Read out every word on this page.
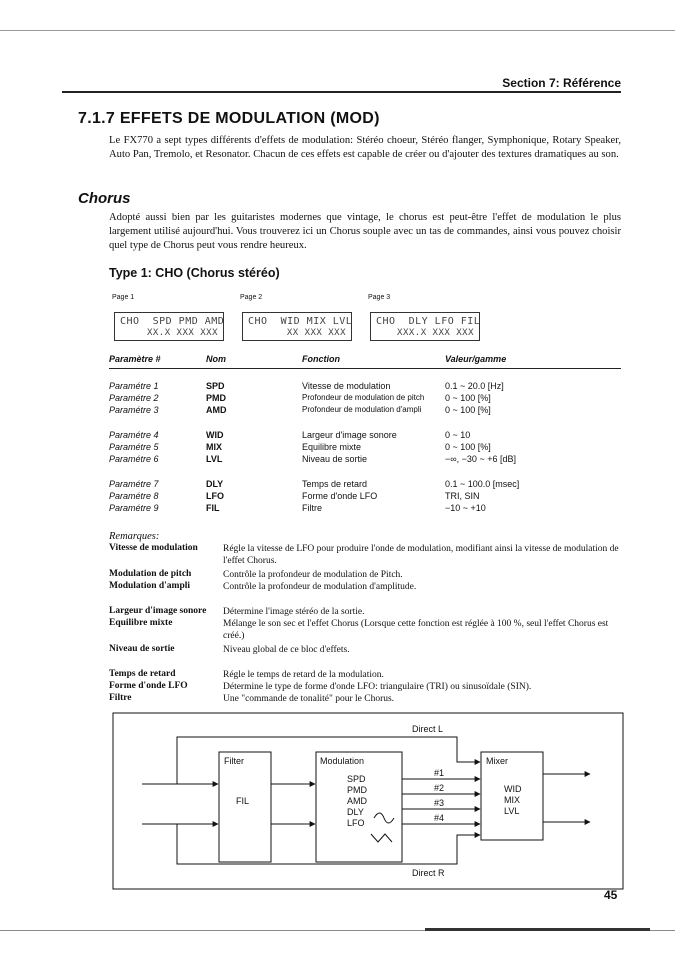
Section 7: Référence
7.1.7 EFFETS DE MODULATION (MOD)
Le FX770 a sept types différents d'effets de modulation: Stéréo choeur, Stéréo flanger, Symphonique, Rotary Speaker, Auto Pan, Tremolo, et Resonator. Chacun de ces effets est capable de créer ou d'ajouter des textures dramatiques au son.
Chorus
Adopté aussi bien par les guitaristes modernes que vintage, le chorus est peut-être l'effet de modulation le plus largement utilisé aujourd'hui. Vous trouverez ici un Chorus souple avec un tas de commandes, ainsi vous pouvez choisir quel type de Chorus peut vous rendre heureux.
Type 1: CHO (Chorus stéréo)
Page 1	Page 2	Page 3
CHO  SPD PMD AMD
XX.X XXX XXX
CHO  WID MIX LVL
XX XXX XXX
CHO  DLY LFO FIL
XXX.X XXX XXX
Paramètre #	Nom	Fonction	Valeur/gamme
Paramétre 1	SPD	Vitesse de modulation	0.1 ~ 20.0 [Hz]
Paramétre 2	PMD	Profondeur de modulation de pitch 0 ~ 100 [%]
Paramétre 3	AMD	Profondeur de modulation d'ampli	0 ~ 100 [%]
Paramétre 4	WID	Largeur d'image sonore	0 ~ 10
Paramétre 5	MIX	Equilibre mixte	0 ~ 100 [%]
Paramétre 6	LVL	Niveau de sortie	−∞, −30 ~ +6 [dB]
Paramétre 7	DLY	Temps de retard	0.1 ~ 100.0 [msec]
Paramétre 8	LFO	Forme d'onde LFO	TRI, SIN
Paramétre 9	FIL	Filtre	−10 ~ +10
Remarques:
Vitesse de modulation	Régle la vitesse de LFO pour produire l'onde de modulation, modifiant ainsi la vitesse de modulation de l'effet Chorus.
Modulation de pitch	Contrôle la profondeur de modulation de Pitch.
Modulation d'ampli	Contrôle la profondeur de modulation d'amplitude.
Largeur d'image sonore Détermine l'image stéréo de la sortie.
Equilibre mixte	Mélange le son sec et l'effet Chorus (Lorsque cette fonction est réglée à 100 %, seul l'effet Chorus est créé.)
Niveau de sortie	Niveau global de ce bloc d'effets.
Temps de retard	Régle le temps de retard de la modulation.
Forme d'onde LFO	Détermine le type de forme d'onde LFO: triangulaire (TRI) ou sinusoïdale (SIN).
Filtre	Une "commande de tonalité" pour le Chorus.
Direct L
Direct R
Filter
FIL
Modulation
SPD
PMD
AMD
DLY
LFO
#1
#2
#3
#4
Mixer
WID
MIX
LVL
45
